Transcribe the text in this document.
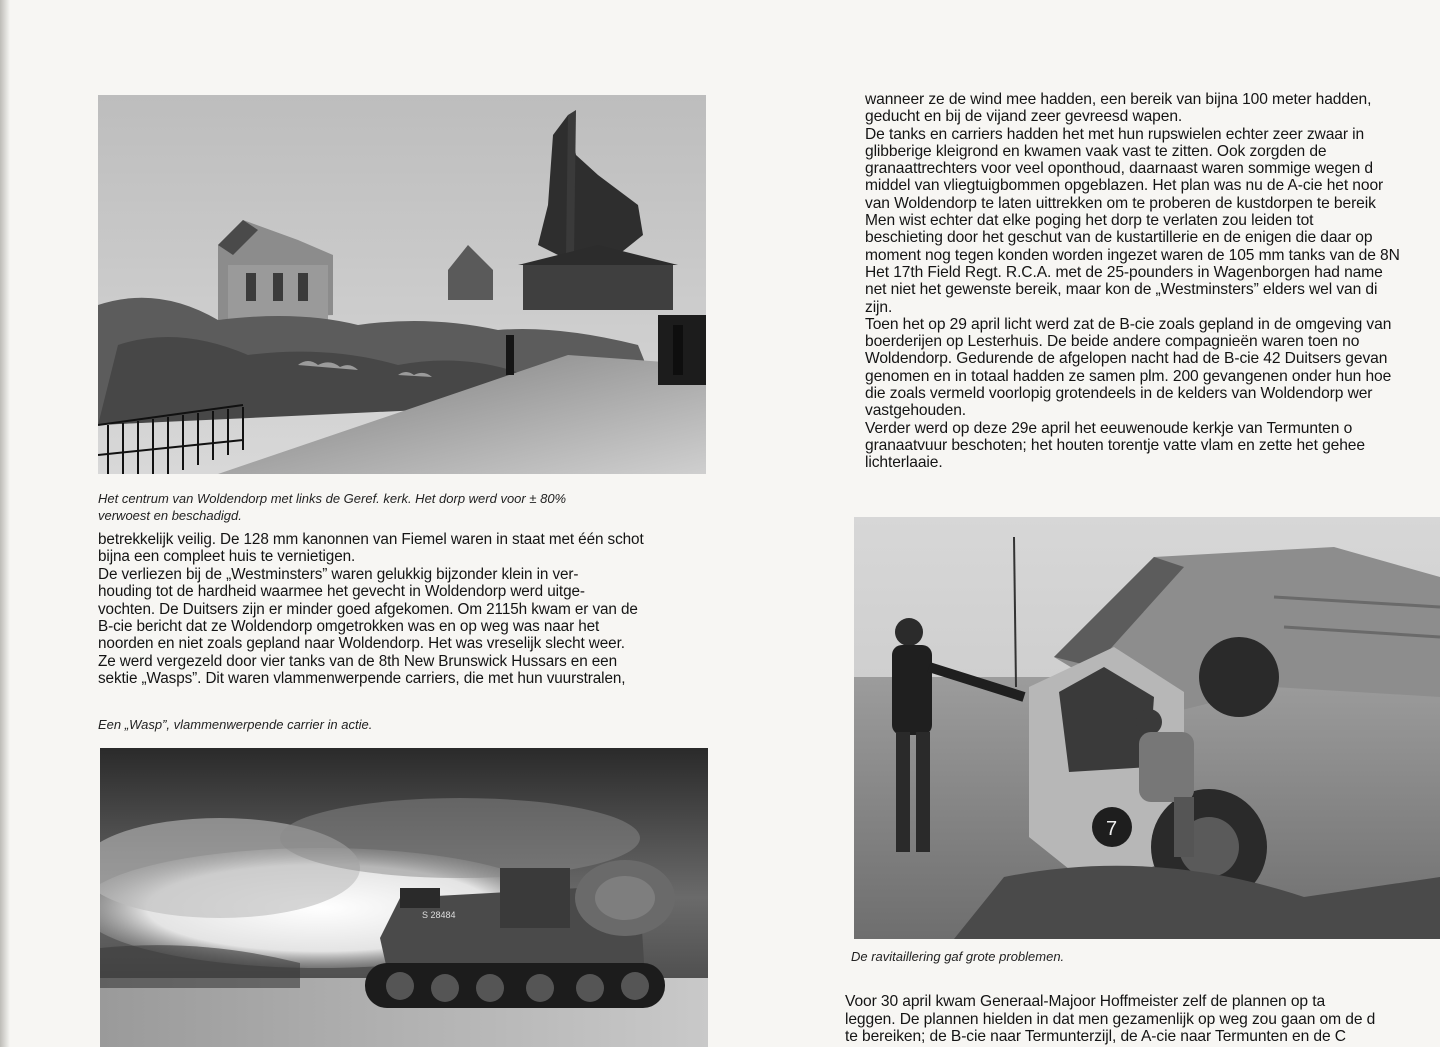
Het centrum van Woldendorp met links de Geref. kerk. Het dorp werd voor ± 80%
verwoest en beschadigd.

betrekkelijk veilig. De 128 mm kanonnen van Fiemel waren in staat met één schot
bijna een compleet huis te vernietigen.
De verliezen bij de „Westminsters” waren gelukkig bijzonder klein in ver-
houding tot de hardheid waarmee het gevecht in Woldendorp werd uitge-
vochten. De Duitsers zijn er minder goed afgekomen. Om 2115h kwam er van de
B-cie bericht dat ze Woldendorp omgetrokken was en op weg was naar het
noorden en niet zoals gepland naar Woldendorp. Het was vreselijk slecht weer.
Ze werd vergezeld door vier tanks van de 8th New Brunswick Hussars en een
sektie „Wasps”. Dit waren vlammenwerpende carriers, die met hun vuurstralen,

Een „Wasp”, vlammenwerpende carrier in actie.

S 28484
wanneer ze de wind mee hadden, een bereik van bijna 100 meter hadden,
geducht en bij de vijand zeer gevreesd wapen.
De tanks en carriers hadden het met hun rupswielen echter zeer zwaar in
glibberige kleigrond en kwamen vaak vast te zitten. Ook zorgden de
granaattrechters voor veel oponthoud, daarnaast waren sommige wegen d
middel van vliegtuigbommen opgeblazen. Het plan was nu de A-cie het noor
van Woldendorp te laten uittrekken om te proberen de kustdorpen te bereik
Men wist echter dat elke poging het dorp te verlaten zou leiden tot
beschieting door het geschut van de kustartillerie en de enigen die daar op
moment nog tegen konden worden ingezet waren de 105 mm tanks van de 8N
Het 17th Field Regt. R.C.A. met de 25-pounders in Wagenborgen had name
net niet het gewenste bereik, maar kon de „Westminsters” elders wel van di
zijn.
Toen het op 29 april licht werd zat de B-cie zoals gepland in de omgeving van
boerderijen op Lesterhuis. De beide andere compagnieën waren toen no
Woldendorp. Gedurende de afgelopen nacht had de B-cie 42 Duitsers gevan
genomen en in totaal hadden ze samen plm. 200 gevangenen onder hun hoe
die zoals vermeld voorlopig grotendeels in de kelders van Woldendorp wer
vastgehouden.
Verder werd op deze 29e april het eeuwenoude kerkje van Termunten o
granaatvuur beschoten; het houten torentje vatte vlam en zette het gehee
lichterlaaie.
7

De ravitaillering gaf grote problemen.

Voor 30 april kwam Generaal-Majoor Hoffmeister zelf de plannen op ta
leggen. De plannen hielden in dat men gezamenlijk op weg zou gaan om de d
te bereiken; de B-cie naar Termunterzijl, de A-cie naar Termunten en de C
